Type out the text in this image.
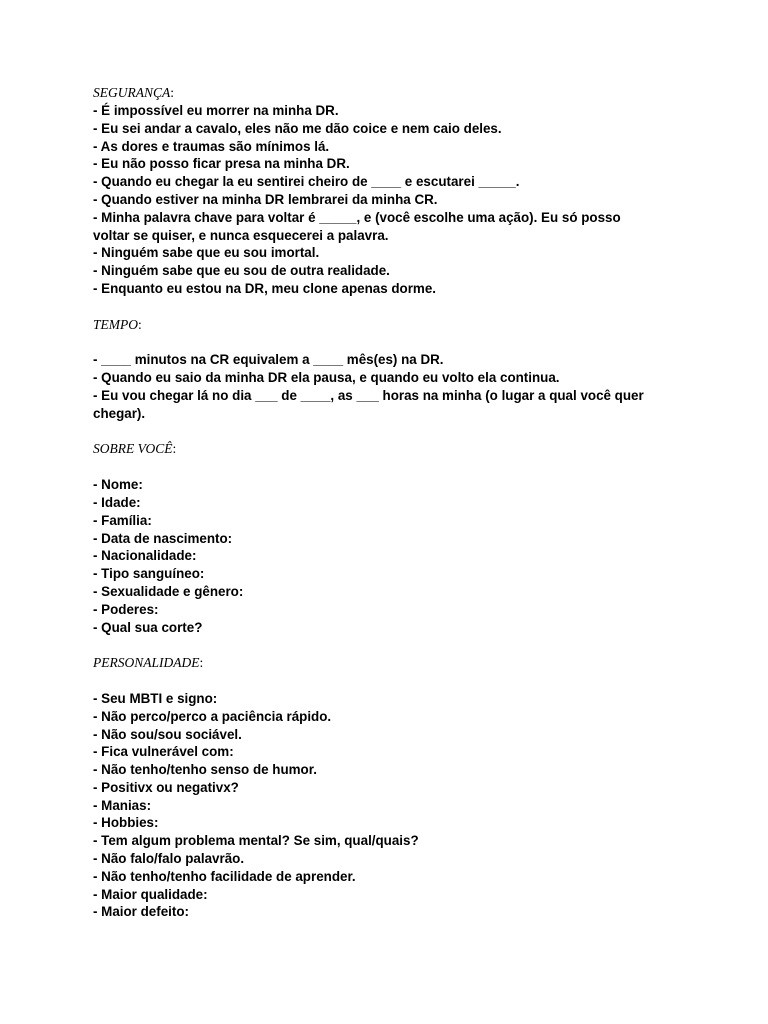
SEGURANÇA:

- É impossível eu morrer na minha DR.

- Eu sei andar a cavalo, eles não me dão coice e nem caio deles.

- As dores e traumas são mínimos lá.

- Eu não posso ficar presa na minha DR.

- Quando eu chegar la eu sentirei cheiro de ____ e escutarei _____.

- Quando estiver na minha DR lembrarei da minha CR.

- Minha palavra chave para voltar é _____, e (você escolhe uma ação). Eu só posso voltar se quiser, e nunca esquecerei a palavra.

- Ninguém sabe que eu sou imortal.

- Ninguém sabe que eu sou de outra realidade.

- Enquanto eu estou na DR, meu clone apenas dorme.

TEMPO:

- ____ minutos na CR equivalem a ____ mês(es) na DR.

- Quando eu saio da minha DR ela pausa, e quando eu volto ela continua.

- Eu vou chegar lá no dia ___ de ____, as ___ horas na minha (o lugar a qual você quer chegar).

SOBRE VOCÊ:

- Nome:

- Idade:

- Família:

- Data de nascimento:

- Nacionalidade:

- Tipo sanguíneo:

- Sexualidade e gênero:

- Poderes:

- Qual sua corte?

PERSONALIDADE:

- Seu MBTI e signo:

- Não perco/perco a paciência rápido.

- Não sou/sou sociável.

- Fica vulnerável com:

- Não tenho/tenho senso de humor.

- Positivx ou negativx?

- Manias:

- Hobbies:

- Tem algum problema mental? Se sim, qual/quais?

- Não falo/falo palavrão.

- Não tenho/tenho facilidade de aprender.

- Maior qualidade:

- Maior defeito:
